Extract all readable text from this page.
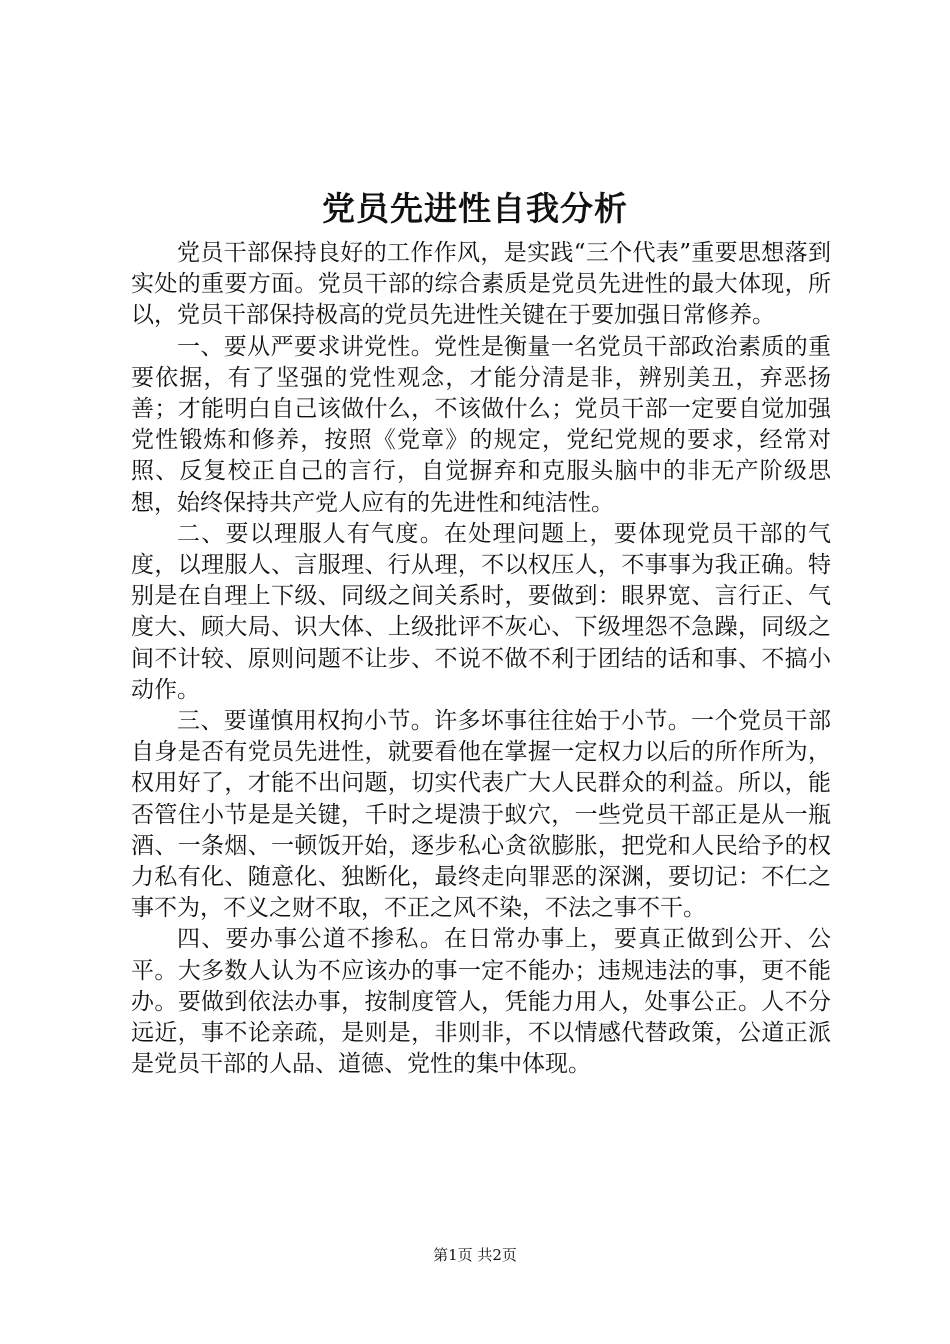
党员先进性自我分析

党员干部保持良好的工作作风，是实践“三个代表”重要思想落到实处的重要方面。党员干部的综合素质是党员先进性的最大体现，所以，党员干部保持极高的党员先进性关键在于要加强日常修养。

一、要从严要求讲党性。党性是衡量一名党员干部政治素质的重要依据，有了坚强的党性观念，才能分清是非，辨别美丑，弃恶扬善；才能明白自己该做什么，不该做什么；党员干部一定要自觉加强党性锻炼和修养，按照《党章》的规定，党纪党规的要求，经常对照、反复校正自己的言行，自觉摒弃和克服头脑中的非无产阶级思想，始终保持共产党人应有的先进性和纯洁性。

二、要以理服人有气度。在处理问题上，要体现党员干部的气度，以理服人、言服理、行从理，不以权压人，不事事为我正确。特别是在自理上下级、同级之间关系时，要做到：眼界宽、言行正、气度大、顾大局、识大体、上级批评不灰心、下级埋怨不急躁，同级之间不计较、原则问题不让步、不说不做不利于团结的话和事、不搞小动作。

三、要谨慎用权拘小节。许多坏事往往始于小节。一个党员干部自身是否有党员先进性，就要看他在掌握一定权力以后的所作所为，权用好了，才能不出问题，切实代表广大人民群众的利益。所以，能否管住小节是是关键，千时之堤溃于蚁穴，一些党员干部正是从一瓶酒、一条烟、一顿饭开始，逐步私心贪欲膨胀，把党和人民给予的权力私有化、随意化、独断化，最终走向罪恶的深渊，要切记：不仁之事不为，不义之财不取，不正之风不染，不法之事不干。

四、要办事公道不掺私。在日常办事上，要真正做到公开、公平。大多数人认为不应该办的事一定不能办；违规违法的事，更不能办。要做到依法办事，按制度管人，凭能力用人，处事公正。人不分远近，事不论亲疏，是则是，非则非，不以情感代替政策，公道正派是党员干部的人品、道德、党性的集中体现。

第1页 共2页
